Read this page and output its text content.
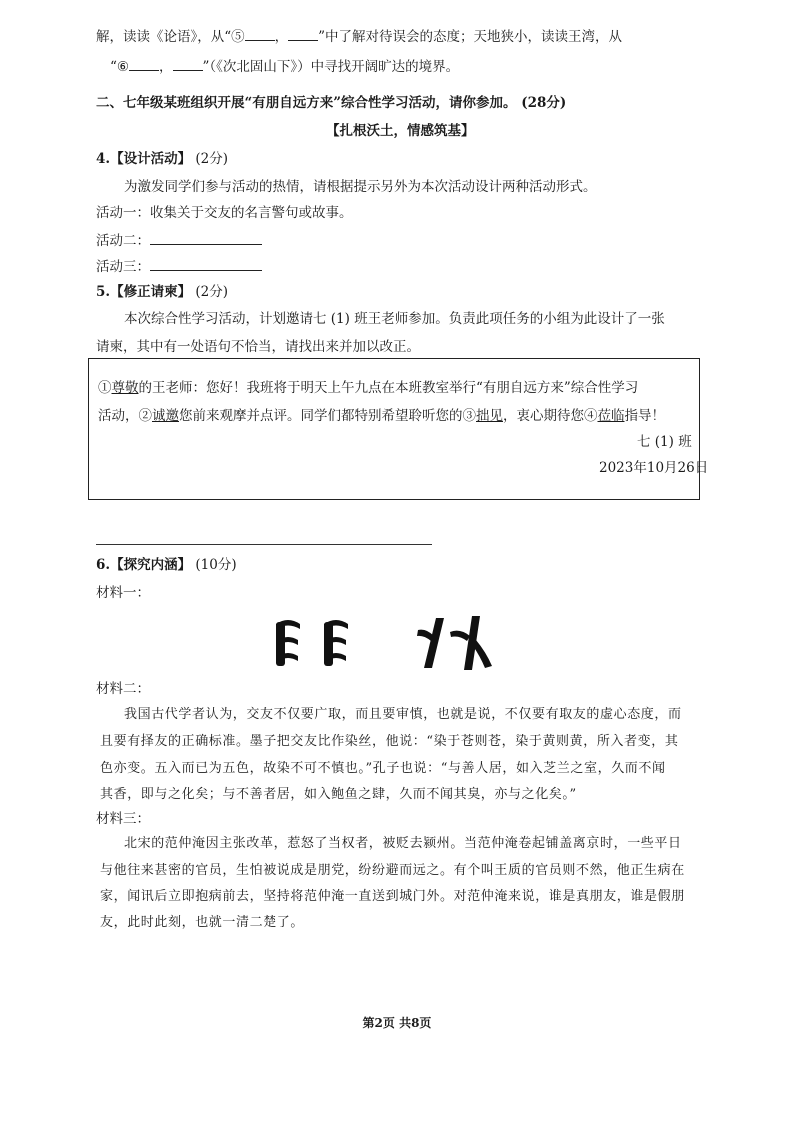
解，读读《论语》，从“⑤ ， ”中了解对待误会的态度；天地狭小，读读王湾，从
“⑥ ， ”（《次北固山下》）中寻找开阔旷达的境界。
二、七年级某班组织开展“有朋自远方来”综合性学习活动，请你参加。 (28分)
【扎根沃土，情感筑基】
4.【设计活动】 (2分)
为激发同学们参与活动的热情，请根据提示另外为本次活动设计两种活动形式。
活动一：收集关于交友的名言警句或故事。
活动二：
活动三：
5.【修正请柬】 (2分)
本次综合性学习活动，计划邀请七 (1) 班王老师参加。负责此项任务的小组为此设计了一张
请柬，其中有一处语句不恰当，请找出来并加以改正。
①尊敬的王老师：您好！我班将于明天上午九点在本班教室举行“有朋自远方来”综合性学习
活动，②诚邀您前来观摩并点评。同学们都特别希望聆听您的③拙见，衷心期待您④莅临指导！
七 (1) 班
2023年10月26日
6.【探究内涵】 (10分)
材料一：
材料二：
我国古代学者认为，交友不仅要广取，而且要审慎，也就是说，不仅要有取友的虚心态度，而
且要有择友的正确标准。墨子把交友比作染丝，他说：“染于苍则苍，染于黄则黄，所入者变，其
色亦变。五入而已为五色，故染不可不慎也。”孔子也说：“与善人居，如入芝兰之室，久而不闻
其香，即与之化矣；与不善者居，如入鲍鱼之肆，久而不闻其臭，亦与之化矣。”
材料三：
北宋的范仲淹因主张改革，惹怒了当权者，被贬去颍州。当范仲淹卷起铺盖离京时，一些平日
与他往来甚密的官员，生怕被说成是朋党，纷纷避而远之。有个叫王质的官员则不然，他正生病在
家，闻讯后立即抱病前去，坚持将范仲淹一直送到城门外。对范仲淹来说，谁是真朋友，谁是假朋
友，此时此刻，也就一清二楚了。
第2页 共8页
